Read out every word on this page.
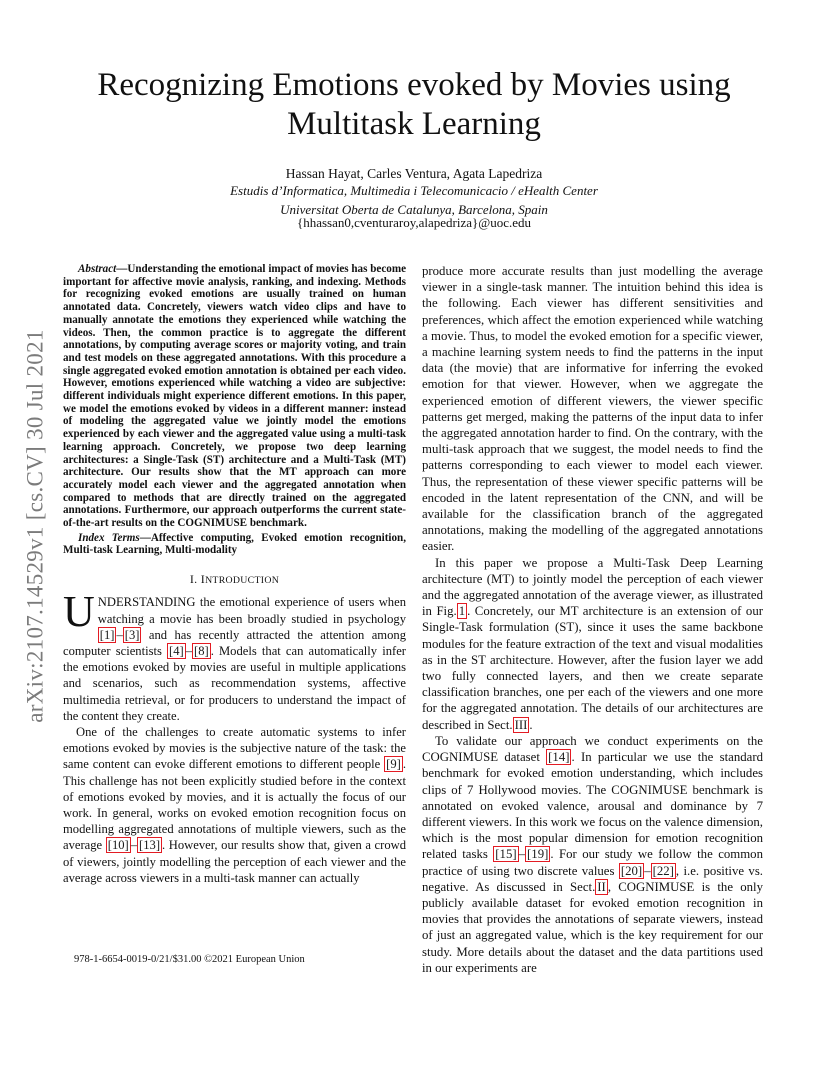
arXiv:2107.14529v1 [cs.CV] 30 Jul 2021
Recognizing Emotions evoked by Movies using
Multitask Learning
Hassan Hayat, Carles Ventura, Agata Lapedriza
Estudis d’Informatica, Multimedia i Telecomunicacio / eHealth Center
Universitat Oberta de Catalunya, Barcelona, Spain
{hhassan0,cventuraroy,alapedriza}@uoc.edu

Abstract—Understanding the emotional impact of movies has become important for affective movie analysis, ranking, and indexing. Methods for recognizing evoked emotions are usually trained on human annotated data. Concretely, viewers watch video clips and have to manually annotate the emotions they experienced while watching the videos. Then, the common practice is to aggregate the different annotations, by computing average scores or majority voting, and train and test models on these aggregated annotations. With this procedure a single aggregated evoked emotion annotation is obtained per each video. However, emotions experienced while watching a video are subjective: different individuals might experience different emotions. In this paper, we model the emotions evoked by videos in a different manner: instead of modeling the aggregated value we jointly model the emotions experienced by each viewer and the aggregated value using a multi-task learning approach. Concretely, we propose two deep learning architectures: a Single-Task (ST) architecture and a Multi-Task (MT) architecture. Our results show that the MT approach can more accurately model each viewer and the aggregated annotation when compared to methods that are directly trained on the aggregated annotations. Furthermore, our approach outperforms the current state-of-the-art results on the COGNIMUSE benchmark.

Index Terms—Affective computing, Evoked emotion recognition, Multi-task Learning, Multi-modality

I. INTRODUCTION

UNDERSTANDING the emotional experience of users when watching a movie has been broadly studied in psychology [1] – [3] and has recently attracted the attention among computer scientists [4] – [8] . Models that can automatically infer the emotions evoked by movies are useful in multiple applications and scenarios, such as recommendation systems, affective multimedia retrieval, or for producers to understand the impact of the content they create.

One of the challenges to create automatic systems to infer emotions evoked by movies is the subjective nature of the task: the same content can evoke different emotions to different people [9] . This challenge has not been explicitly studied before in the context of emotions evoked by movies, and it is actually the focus of our work. In general, works on evoked emotion recognition focus on modelling aggregated annotations of multiple viewers, such as the average [10] – [13] . However, our results show that, given a crowd of viewers, jointly modelling the perception of each viewer and the average across viewers in a multi-task manner can actually

produce more accurate results than just modelling the average viewer in a single-task manner. The intuition behind this idea is the following. Each viewer has different sensitivities and preferences, which affect the emotion experienced while watching a movie. Thus, to model the evoked emotion for a specific viewer, a machine learning system needs to find the patterns in the input data (the movie) that are informative for inferring the evoked emotion for that viewer. However, when we aggregate the experienced emotion of different viewers, the viewer specific patterns get merged, making the patterns of the input data to infer the aggregated annotation harder to find. On the contrary, with the multi-task approach that we suggest, the model needs to find the patterns corresponding to each viewer to model each viewer. Thus, the representation of these viewer specific patterns will be encoded in the latent representation of the CNN, and will be available for the classification branch of the aggregated annotations, making the modelling of the aggregated annotations easier.

In this paper we propose a Multi-Task Deep Learning architecture (MT) to jointly model the perception of each viewer and the aggregated annotation of the average viewer, as illustrated in Fig. 1 . Concretely, our MT architecture is an extension of our Single-Task formulation (ST), since it uses the same backbone modules for the feature extraction of the text and visual modalities as in the ST architecture. However, after the fusion layer we add two fully connected layers, and then we create separate classification branches, one per each of the viewers and one more for the aggregated annotation. The details of our architectures are described in Sect. III .

To validate our approach we conduct experiments on the COGNIMUSE dataset [14] . In particular we use the standard benchmark for evoked emotion understanding, which includes clips of 7 Hollywood movies. The COGNIMUSE benchmark is annotated on evoked valence, arousal and dominance by 7 different viewers. In this work we focus on the valence dimension, which is the most popular dimension for emotion recognition related tasks [15] – [19] . For our study we follow the common practice of using two discrete values [20] – [22] , i.e. positive vs. negative. As discussed in Sect. II , COGNIMUSE is the only publicly available dataset for evoked emotion recognition in movies that provides the annotations of separate viewers, instead of just an aggregated value, which is the key requirement for our study. More details about the dataset and the data partitions used in our experiments are

978-1-6654-0019-0/21/$31.00 ©2021 European Union
